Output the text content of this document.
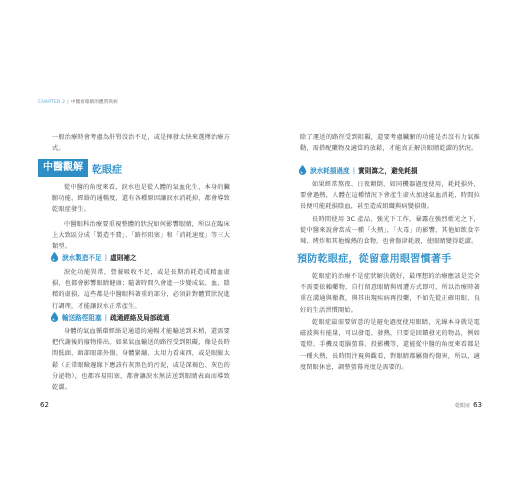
CHAPTER 2 | 中醫看眼睛的體質疾病

一般治療時會考慮為肝腎沒治不足，或是揮發太快來選擇治療方式。

中醫觀解 乾眼症

從中醫的角度來看，淚水也是從人體的氣血化生，本身的臟腑功能、經絡的通暢度，還有各種原因讓淚水消耗掉，都會導致乾眼症發生。

中醫眼科治療要重視整體的狀況如何影響眼睛，所以在臨床上大致區分成「製造不費」、「路徑阻塞」和「消耗速度」等三大類型。

淚水製造不足 ｜ 虛則補之

淚化功能異常，營養吸收不足，或是長期消耗造成精血虛損，也都會影響眼睛健康；隨著時間久會進一步變成氣、血、陰精的虛損，這些都是中醫眼科著重的部分，必須針對體質狀況進行調理，才能讓淚水正常產生。

輸送路徑阻塞 ｜ 疏通經絡及局部疏通

身體的氣血循環經絡是通道的通暢才能輸送到末梢，還需要把代謝後的廢物排出。如果氣血輸送的路徑受到阻礙，像是長時間低頭、頭部眼部外傷、身體緊繃、太用力看東西，或是眼臉太鬆（正常眼瞼邊緣下應該有灰黑色的污泥，或是深褐色、灰色的分泌物），也都容易阻塞，都會讓淚水無法送到眼睛表面而導致乾澀。

62

除了運送的路徑受到阻礙，還要考慮臟腑的功能是否沒有力氣推動，需搭配藥物及適當的放鬆，才能真正解決眼睛乾澀的狀況。

淚水耗損過度 ｜ 實則瀉之，避免耗損

如果經常熬夜、日夜顛倒，如同機器過度使用，耗耗損外，要會過熱，人體在這種情況下會產生虛火加速氣血消耗，時間拉長便可能耗損陰血，甚至造成組織與病變損傷。

長時間使用 3C 產品、強光下工作，暴露在強烈藍光之下，從中醫來說會當成一種「火熱」，「火毒」的影響，其他如飲食辛辣、烤炸和其他燥熱的食物，也會傷津耗液，使眼睛變得乾澀。

預防乾眼症，從留意用眼習慣著手

乾眼症的治療不是症狀解決就好，最理想的治療應該是完全不需要依賴藥物，自行留意眼睛與周遭方式即可，所以治療時著重在溝通與衛教，與其出現疾病再投藥，不如先從正確用眼、良好的生活習慣開始。

乾眼症最需要留意的是避免過度使用眼睛，光線本身就是電磁波與有能量，可以發電、發熱，只要是回饋發光的物品，例如電燈、手機及電腦螢幕、投影機等，還能從中醫的角度來看都是一種火熱，長時間注視與觀看，對眼睛都屬傷灼傷害，所以，適度閉眼休息，調整螢幕亮度是需要的。

乾眼症 63
